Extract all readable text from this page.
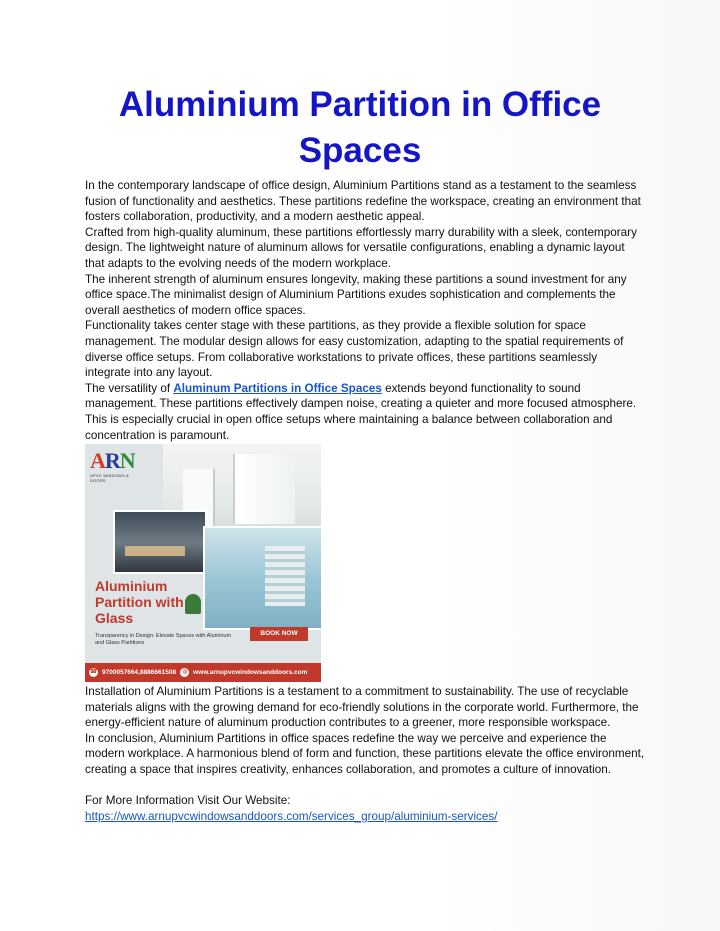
Aluminium Partition in Office Spaces

In the contemporary landscape of office design, Aluminium Partitions stand as a testament to the seamless fusion of functionality and aesthetics. These partitions redefine the workspace, creating an environment that fosters collaboration, productivity, and a modern aesthetic appeal.

Crafted from high-quality aluminum, these partitions effortlessly marry durability with a sleek, contemporary design. The lightweight nature of aluminum allows for versatile configurations, enabling a dynamic layout that adapts to the evolving needs of the modern workplace.

The inherent strength of aluminum ensures longevity, making these partitions a sound investment for any office space.The minimalist design of Aluminium Partitions exudes sophistication and complements the overall aesthetics of modern office spaces.

Functionality takes center stage with these partitions, as they provide a flexible solution for space management. The modular design allows for easy customization, adapting to the spatial requirements of diverse office setups. From collaborative workstations to private offices, these partitions seamlessly integrate into any layout.

The versatility of Aluminum Partitions in Office Spaces extends beyond functionality to sound management. These partitions effectively dampen noise, creating a quieter and more focused atmosphere. This is especially crucial in open office setups where maintaining a balance between collaboration and concentration is paramount.

ARN
UPVC WINDOWS & DOORS
Aluminium Partition with Glass
Transparency in Design: Elevate Spaces with Aluminum and Glass Partitions
BOOK NOW
☎ 9700057664,8886661508 ◍ www.arnupvcwindowsanddoors.com

Installation of Aluminium Partitions is a testament to a commitment to sustainability. The use of recyclable materials aligns with the growing demand for eco-friendly solutions in the corporate world. Furthermore, the energy-efficient nature of aluminum production contributes to a greener, more responsible workspace.

In conclusion, Aluminium Partitions in office spaces redefine the way we perceive and experience the modern workplace. A harmonious blend of form and function, these partitions elevate the office environment, creating a space that inspires creativity, enhances collaboration, and promotes a culture of innovation.

For More Information Visit Our Website:

https://www.arnupvcwindowsanddoors.com/services_group/aluminium-services/
